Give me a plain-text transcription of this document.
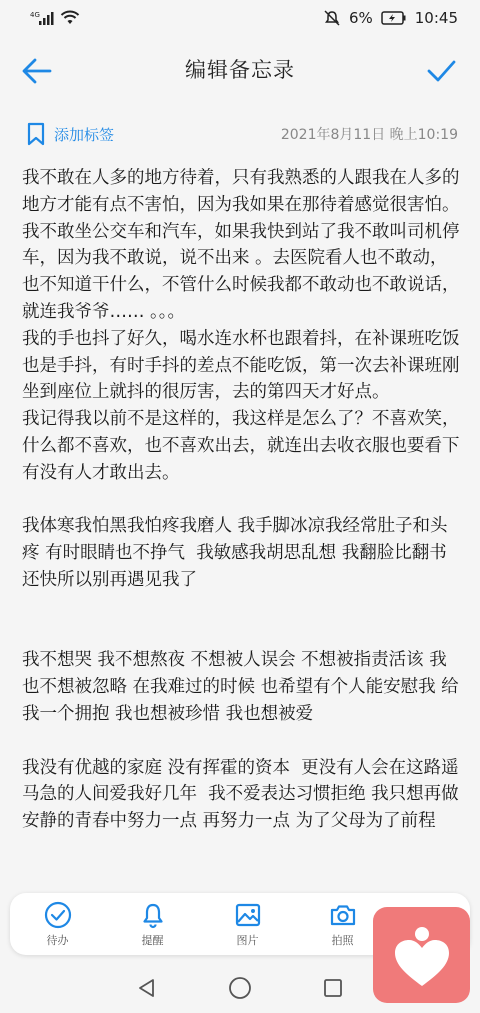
4G	6%	10:45
编辑备忘录
添加标签	2021年8月11日 晚上10:19

我不敢在人多的地方待着，只有我熟悉的人跟我在人多的地方才能有点不害怕，因为我如果在那待着感觉很害怕。我不敢坐公交车和汽车，如果我快到站了我不敢叫司机停车，因为我不敢说，说不出来 。去医院看人也不敢动，也不知道干什么，不管什么时候我都不敢动也不敢说话，就连我爷爷…… 。。。

我的手也抖了好久，喝水连水杯也跟着抖，在补课班吃饭也是手抖，有时手抖的差点不能吃饭，第一次去补课班刚坐到座位上就抖的很厉害，去的第四天才好点。

我记得我以前不是这样的，我这样是怎么了？不喜欢笑，什么都不喜欢，也不喜欢出去，就连出去收衣服也要看下有没有人才敢出去。

我体寒我怕黑我怕疼我磨人 我手脚冰凉我经常肚子和头疼 有时眼睛也不挣气  我敏感我胡思乱想 我翻脸比翻书还快所以别再遇见我了

我不想哭 我不想熬夜 不想被人误会 不想被指责活该 我也不想被忽略 在我难过的时候 也希望有个人能安慰我 给我一个拥抱 我也想被珍惜 我也想被爱

我没有优越的家庭 没有挥霍的资本  更没有人会在这路遥马急的人间爱我好几年  我不爱表达习惯拒绝 我只想再做安静的青春中努力一点 再努力一点 为了父母为了前程

待办	提醒	图片	拍照
